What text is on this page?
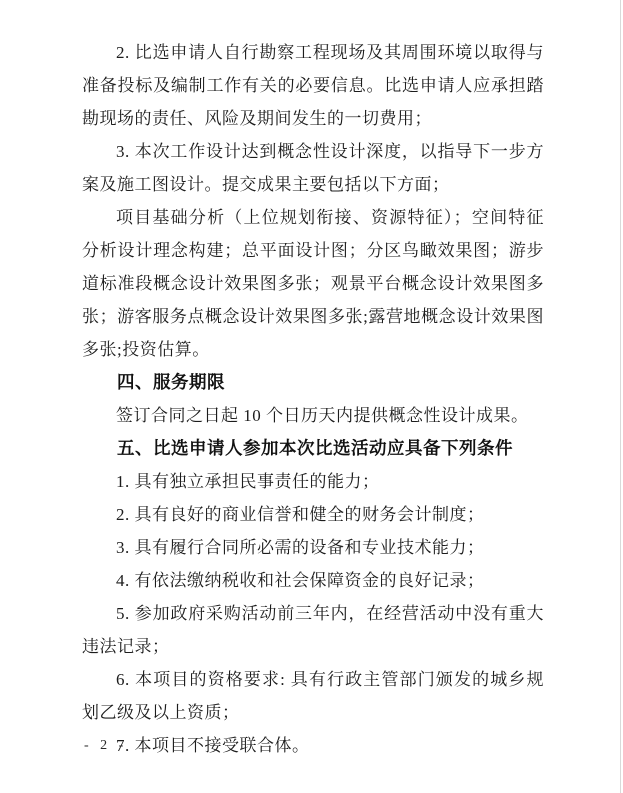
2. 比选申请人自行勘察工程现场及其周围环境以取得与准备投标及编制工作有关的必要信息。比选申请人应承担踏勘现场的责任、风险及期间发生的一切费用；

3. 本次工作设计达到概念性设计深度，以指导下一步方案及施工图设计。提交成果主要包括以下方面；

项目基础分析（上位规划衔接、资源特征）；空间特征分析设计理念构建；总平面设计图；分区鸟瞰效果图；游步道标准段概念设计效果图多张；观景平台概念设计效果图多张；游客服务点概念设计效果图多张;露营地概念设计效果图多张;投资估算。

四、服务期限

签订合同之日起 10 个日历天内提供概念性设计成果。

五、比选申请人参加本次比选活动应具备下列条件

1. 具有独立承担民事责任的能力；

2. 具有良好的商业信誉和健全的财务会计制度；

3. 具有履行合同所必需的设备和专业技术能力；

4. 有依法缴纳税收和社会保障资金的良好记录；

5. 参加政府采购活动前三年内，在经营活动中没有重大违法记录；

6. 本项目的资格要求: 具有行政主管部门颁发的城乡规划乙级及以上资质；

7. 本项目不接受联合体。

- 2 -
